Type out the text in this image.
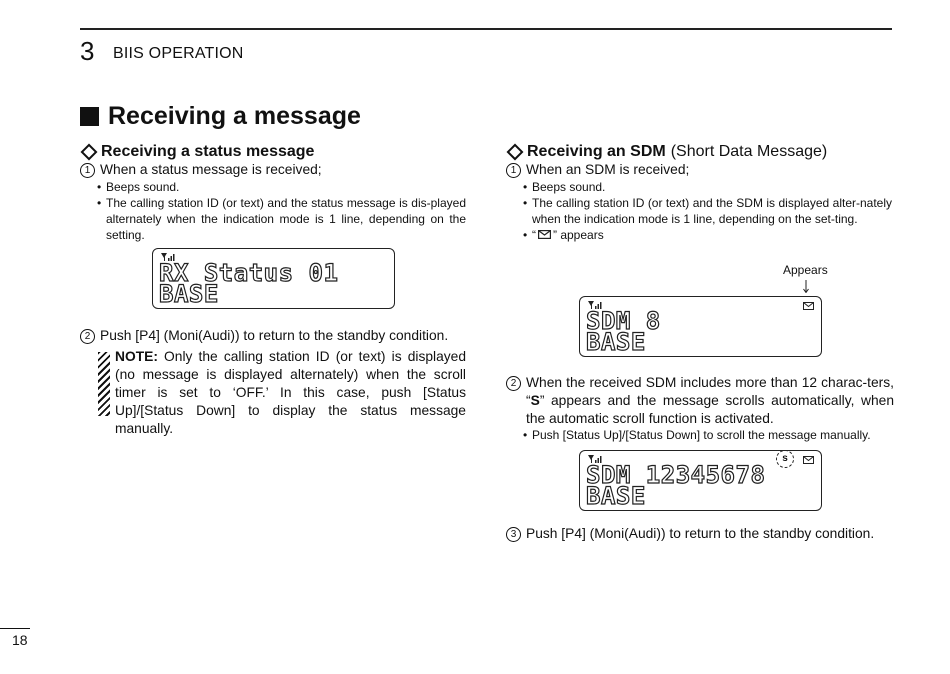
3 BIIS OPERATION
Receiving a message
Receiving a status message
1 When a status message is received;
• Beeps sound.
• The calling station ID (or text) and the status message is dis-played alternately when the indication mode is 1 line, depending on the setting.
RX Status 01
BASE
2 Push [P4] (Moni(Audi)) to return to the standby condition.
NOTE: Only the calling station ID (or text) is displayed (no message is displayed alternately) when the scroll timer is set to ‘OFF.’ In this case, push [Status Up]/[Status Down] to display the status message manually.
Receiving an SDM (Short Data Message)
1 When an SDM is received;
• Beeps sound.
• The calling station ID (or text) and the SDM is displayed alter-nately when the indication mode is 1 line, depending on the set-ting.
• “ ” appears
Appears
SDM 8
BASE
2 When the received SDM includes more than 12 charac-ters, “S” appears and the message scrolls automatically, when the automatic scroll function is activated.
• Push [Status Up]/[Status Down] to scroll the message manually.
s
SDM 12345678
BASE
3 Push [P4] (Moni(Audi)) to return to the standby condition.
18
